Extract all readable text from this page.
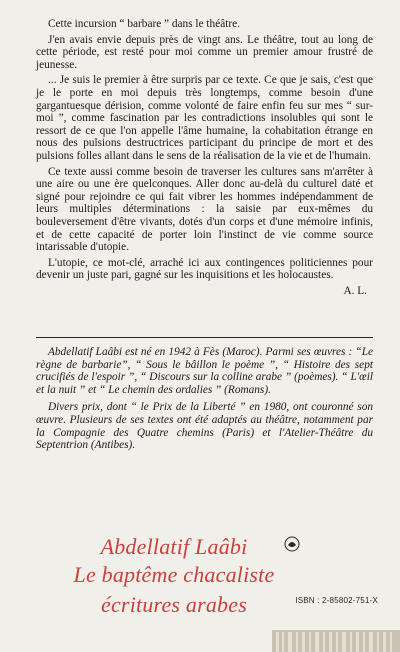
Cette incursion “ barbare ” dans le théâtre.

J'en avais envie depuis près de vingt ans. Le théâtre, tout au long de cette période, est resté pour moi comme un premier amour frustré de jeunesse.

... Je suis le premier à être surpris par ce texte. Ce que je sais, c'est que je le porte en moi depuis très longtemps, comme besoin d'une gargantuesque dérision, comme volonté de faire enfin feu sur mes “ sur-moi ”, comme fascination par les contradictions insolubles qui sont le ressort de ce que l'on appelle l'âme humaine, la cohabitation étrange en nous des pulsions destructrices participant du principe de mort et des pulsions folles allant dans le sens de la réalisation de la vie et de l'humain.

Ce texte aussi comme besoin de traverser les cultures sans m'arrêter à une aire ou une ère quelconques. Aller donc au-delà du culturel daté et signé pour rejoindre ce qui fait vibrer les hommes indépendamment de leurs multiples déterminations : la saisie par eux-mêmes du bouleversement d'être vivants, dotés d'un corps et d'une mémoire infinis, et de cette capacité de porter loin l'instinct de vie comme source intarissable d'utopie.

L'utopie, ce mot-clé, arraché ici aux contingences politiciennes pour devenir un juste pari, gagné sur les inquisitions et les holocaustes.

A. L.

Abdellatif Laâbi est né en 1942 à Fès (Maroc). Parmi ses œuvres : “Le règne de barbarie”, “ Sous le bâillon le poème ”, “ Histoire des sept crucifiés de l'espoir ”, “ Discours sur la colline arabe ” (poèmes). “ L'œil et la nuit ” et “ Le chemin des ordalies ” (Romans).

Divers prix, dont “ le Prix de la Liberté ” en 1980, ont couronné son œuvre. Plusieurs de ses textes ont été adaptés au théâtre, notamment par la Compagnie des Quatre chemins (Paris) et l'Atelier-Théâtre du Septentrion (Antibes).

Abdellatif Laâbi
Le baptême chacaliste
écritures arabes	ISBN : 2-85802-751-X
